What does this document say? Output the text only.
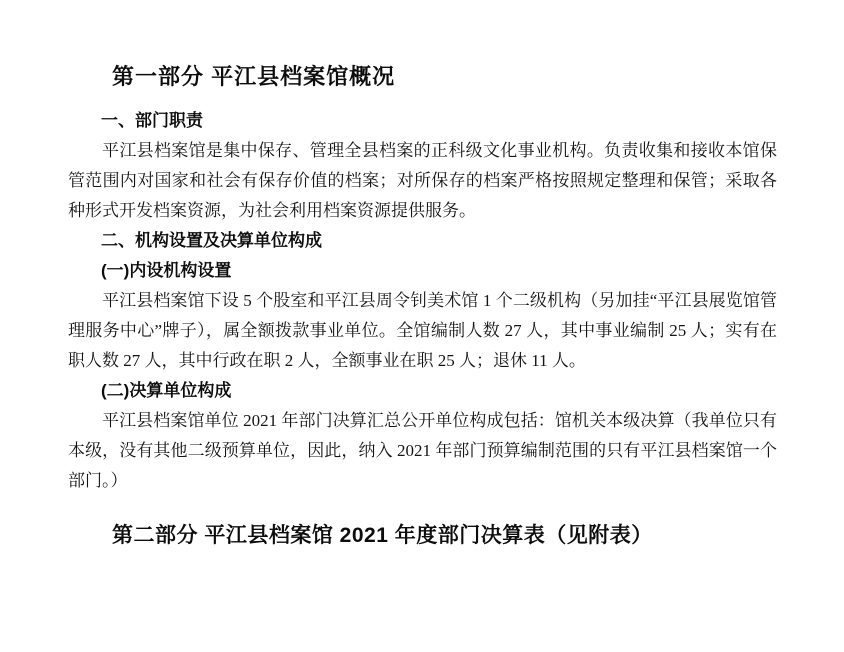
第一部分 平江县档案馆概况
一、部门职责

平江县档案馆是集中保存、管理全县档案的正科级文化事业机构。负责收集和接收本馆保管范围内对国家和社会有保存价值的档案；对所保存的档案严格按照规定整理和保管；采取各种形式开发档案资源，为社会利用档案资源提供服务。

二、机构设置及决算单位构成
(一)内设机构设置

平江县档案馆下设 5 个股室和平江县周令钊美术馆 1 个二级机构（另加挂“平江县展览馆管理服务中心”牌子），属全额拨款事业单位。全馆编制人数 27 人，其中事业编制 25 人；实有在职人数 27 人，其中行政在职 2 人，全额事业在职 25 人；退休 11 人。

(二)决算单位构成

平江县档案馆单位 2021 年部门决算汇总公开单位构成包括：馆机关本级决算（我单位只有本级，没有其他二级预算单位，因此，纳入 2021 年部门预算编制范围的只有平江县档案馆一个部门。）

第二部分 平江县档案馆 2021 年度部门决算表（见附表）
